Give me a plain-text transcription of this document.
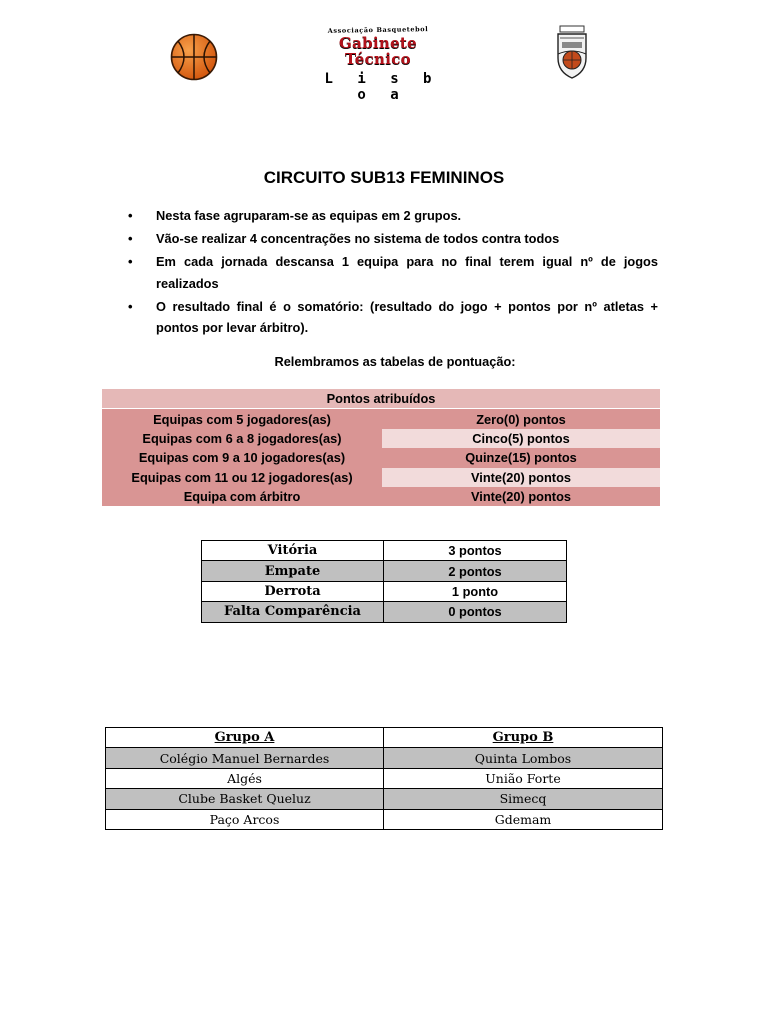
Associação Basquetebol
Gabinete Técnico
L i s b o a
CIRCUITO SUB13 FEMININOS
• Nesta fase agruparam-se as equipas em 2 grupos.
• Vão-se realizar 4 concentrações no sistema de todos contra todos
• Em cada jornada descansa 1 equipa para no final terem igual nº de jogos realizados
• O resultado final é o somatório: (resultado do jogo + pontos por nº atletas + pontos por levar árbitro).
Relembramos as tabelas de pontuação:
Pontos atribuídos	
Equipas com 5 jogadores(as)	Zero(0) pontos
Equipas com 6 a 8 jogadores(as)	Cinco(5) pontos
Equipas com 9 a 10 jogadores(as)	Quinze(15) pontos
Equipas com 11 ou 12 jogadores(as)	Vinte(20) pontos
Equipa com árbitro	Vinte(20) pontos
Vitória	3 pontos
Empate	2 pontos
Derrota	1 ponto
Falta Comparência	0 pontos
Grupo A	Grupo B
Colégio Manuel Bernardes	Quinta Lombos
Algés	União Forte
Clube Basket Queluz	Simecq
Paço Arcos	Gdemam
